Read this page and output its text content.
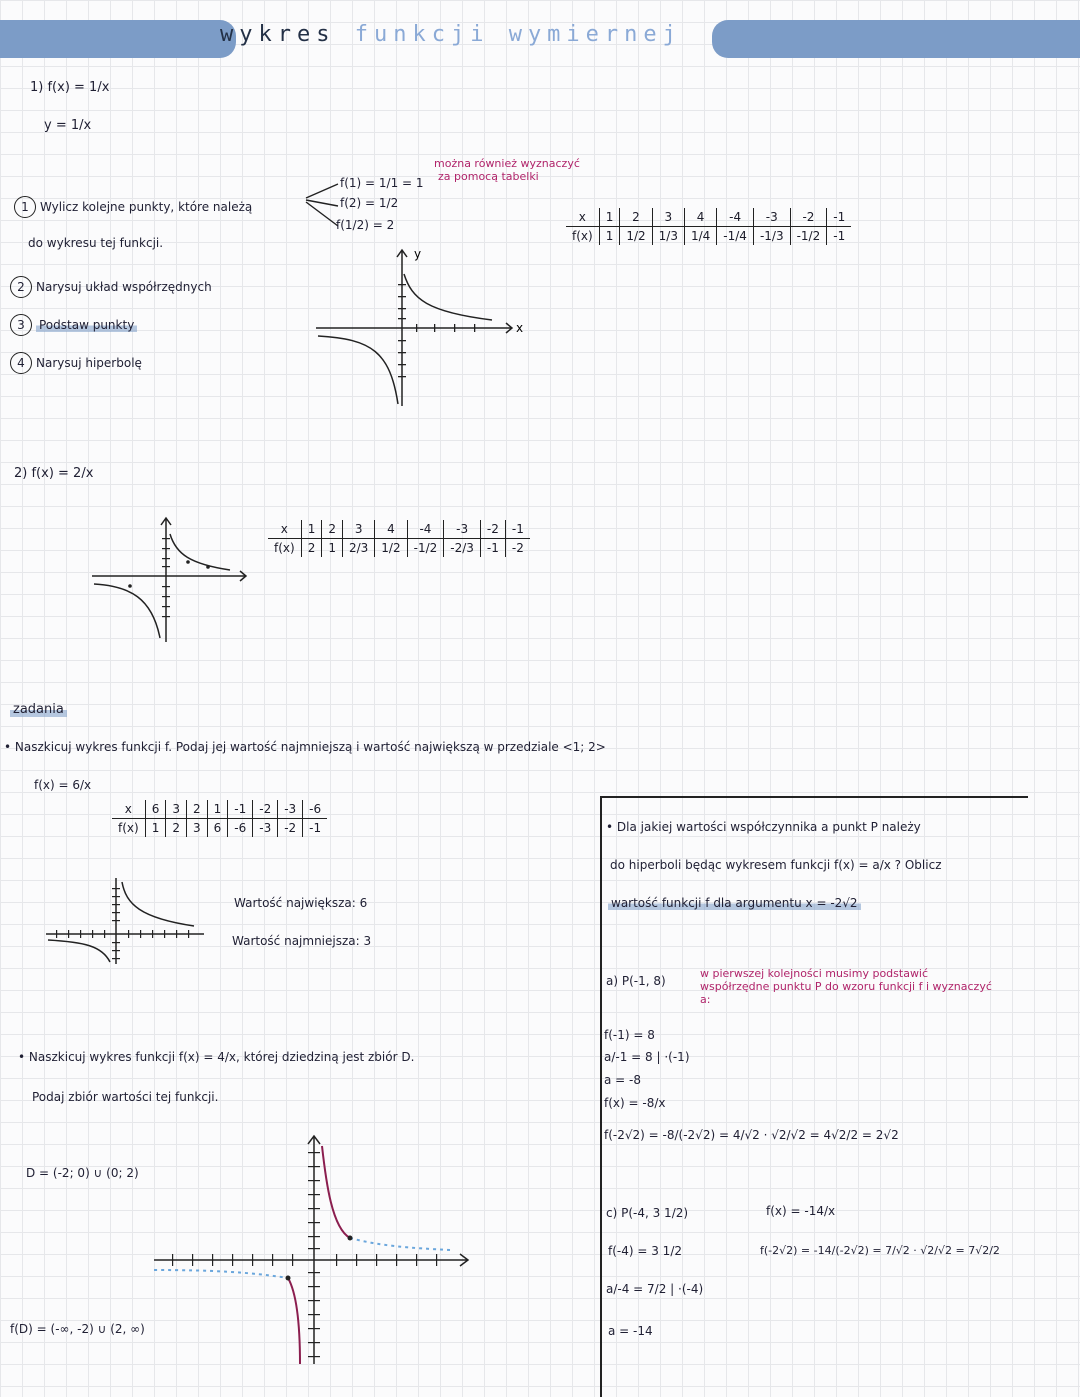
wykres funkcji wymiernej
1) f(x) = 1/x
y = 1/x
1 Wylicz kolejne punkty, które należą
do wykresu tej funkcji.
2 Narysuj układ współrzędnych
3 Podstaw punkty
4 Narysuj hiperbolę
f(1) = 1/1 = 1
f(2) = 1/2
f(1/2) = 2
można również wyznaczyć
za pomocą tabelki
x	1	2	3	4	-4	-3	-2	-1
f(x)	1	1/2	1/3	1/4	-1/4	-1/3	-1/2	-1
x
y
2) f(x) = 2/x
x	1	2	3	4	-4	-3	-2	-1
f(x)	2	1	2/3	1/2	-1/2	-2/3	-1	-2
zadania
• Naszkicuj wykres funkcji f. Podaj jej wartość najmniejszą i wartość największą w przedziale <1; 2>
f(x) = 6/x
x	6	3	2	1	-1	-2	-3	-6
f(x)	1	2	3	6	-6	-3	-2	-1
Wartość największa: 6
Wartość najmniejsza: 3
• Naszkicuj wykres funkcji f(x) = 4/x, której dziedziną jest zbiór D.
Podaj zbiór wartości tej funkcji.
D = (-2; 0) ∪ (0; 2)
f(D) = (-∞, -2) ∪ (2, ∞)
• Dla jakiej wartości współczynnika a punkt P należy
do hiperboli będąc wykresem funkcji f(x) = a/x ? Oblicz
wartość funkcji f dla argumentu x = -2√2
a) P(-1, 8)
w pierwszej kolejności musimy podstawić
współrzędne punktu P do wzoru funkcji f i wyznaczyć
a:
f(-1) = 8
a/-1 = 8 | ·(-1)
a = -8
f(x) = -8/x
f(-2√2) = -8/(-2√2) = 4/√2 · √2/√2 = 4√2/2 = 2√2
c) P(-4, 3 1/2)
f(-4) = 3 1/2
a/-4 = 7/2 | ·(-4)
a = -14
f(x) = -14/x
f(-2√2) = -14/(-2√2) = 7/√2 · √2/√2 = 7√2/2
